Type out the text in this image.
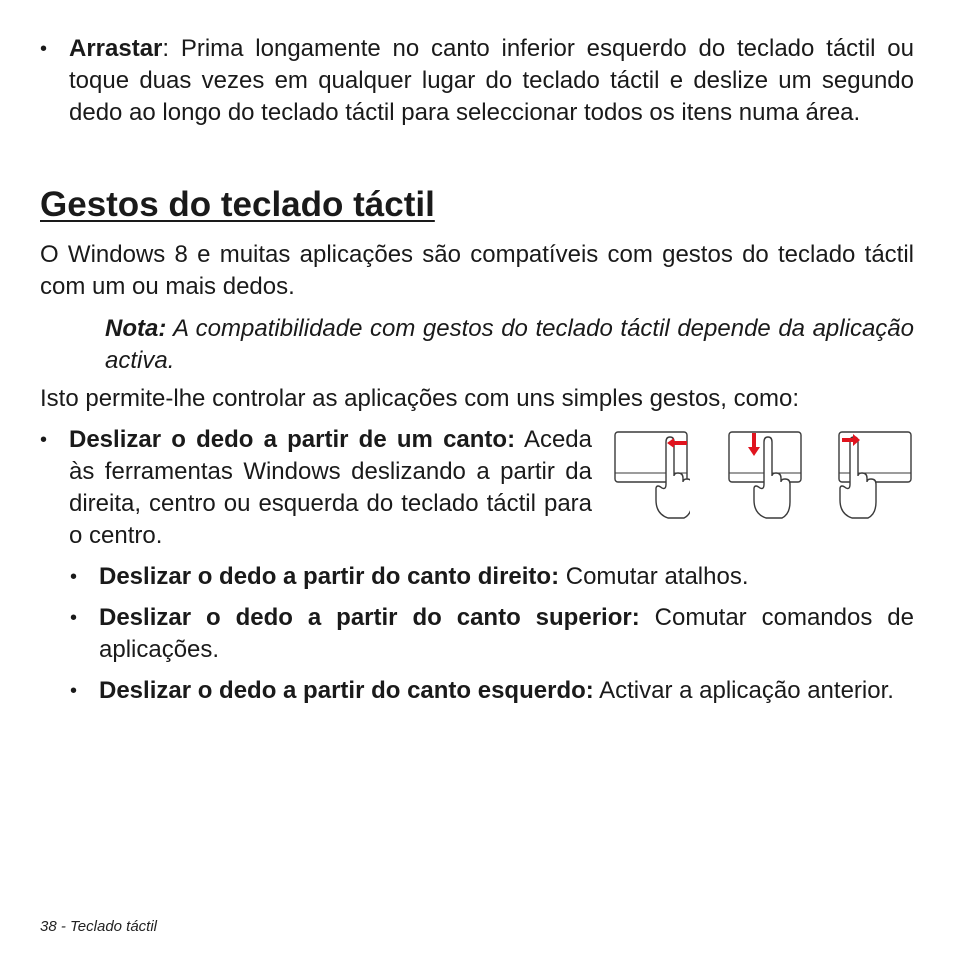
• Arrastar: Prima longamente no canto inferior esquerdo do teclado táctil ou toque duas vezes em qualquer lugar do teclado táctil e deslize um segundo dedo ao longo do teclado táctil para seleccionar todos os itens numa área.
Gestos do teclado táctil
O Windows 8 e muitas aplicações são compatíveis com gestos do teclado táctil com um ou mais dedos.
Nota: A compatibilidade com gestos do teclado táctil depende da aplicação activa.
Isto permite-lhe controlar as aplicações com uns simples gestos, como:
• Deslizar o dedo a partir de um canto: Aceda às ferramentas Windows deslizando a partir da direita, centro ou esquerda do teclado táctil para o centro.
• Deslizar o dedo a partir do canto direito: Comutar atalhos.
• Deslizar o dedo a partir do canto superior: Comutar comandos de aplicações.
• Deslizar o dedo a partir do canto esquerdo: Activar a aplicação anterior.
38 - Teclado táctil
